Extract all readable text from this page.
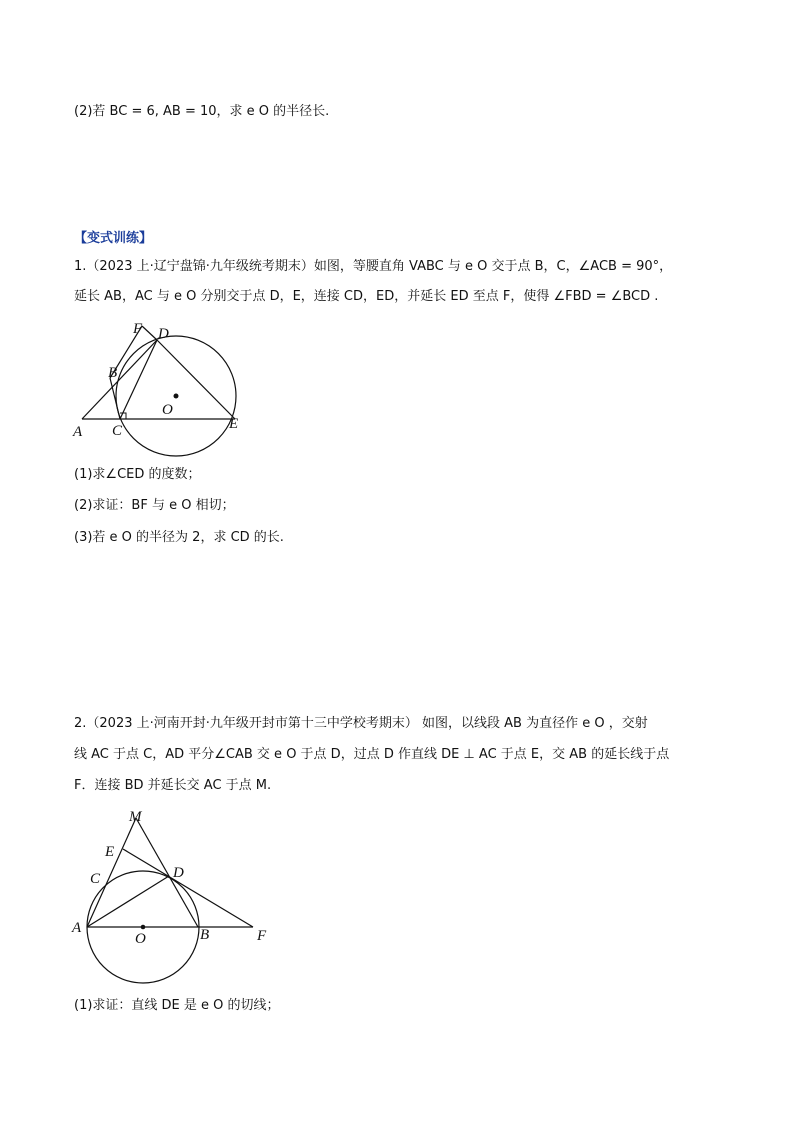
(2)若 BC = 6, AB = 10，求 e O 的半径长.
【变式训练】
1.（2023 上·辽宁盘锦·九年级统考期末）如图，等腰直角 VABC 与 e O 交于点 B，C，∠ACB = 90°，
延长 AB，AC 与 e O 分别交于点 D，E，连接 CD，ED，并延长 ED 至点 F，使得 ∠FBD = ∠BCD .
F D
B
O
A C	E
(1)求∠CED 的度数；
(2)求证：BF 与 e O 相切；
(3)若 e O 的半径为 2，求 CD 的长.
2.（2023 上·河南开封·九年级开封市第十三中学校考期末） 如图，以线段 AB 为直径作 e O ，交射
线 AC 于点 C，AD 平分∠CAB 交 e O 于点 D，过点 D 作直线 DE ⊥ AC 于点 E，交 AB 的延长线于点
F．连接 BD 并延长交 AC 于点 M.
M
E
C	D
A
O	B	F
(1)求证：直线 DE 是 e O 的切线；
